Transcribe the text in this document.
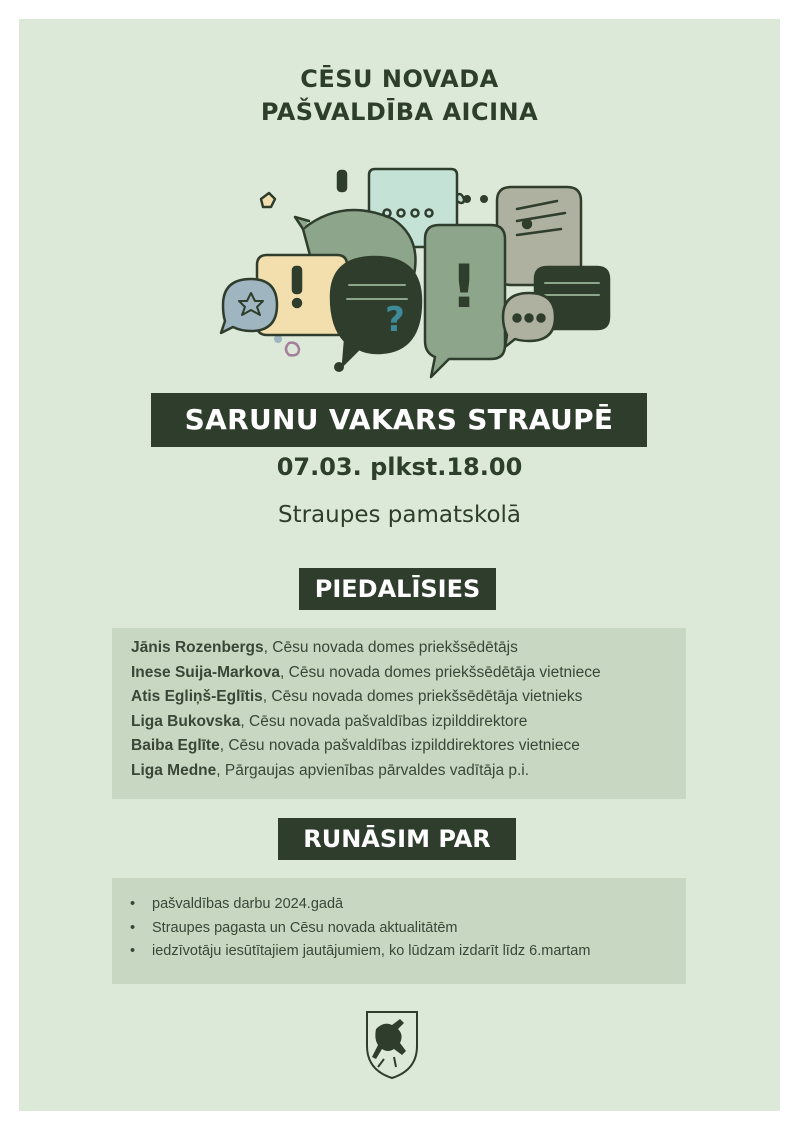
CĒSU NOVADA
PAŠVALDĪBA AICINA
? !
SARUNU VAKARS STRAUPĒ
07.03. plkst.18.00
Straupes pamatskolā
PIEDALĪSIES
Jānis Rozenbergs, Cēsu novada domes priekšsēdētājs
Inese Suija-Markova, Cēsu novada domes priekšsēdētāja vietniece
Atis Egliņš-Eglītis, Cēsu novada domes priekšsēdētāja vietnieks
Liga Bukovska, Cēsu novada pašvaldības izpilddirektore
Baiba Eglīte, Cēsu novada pašvaldības izpilddirektores vietniece
Liga Medne, Pārgaujas apvienības pārvaldes vadītāja p.i.
RUNĀSIM PAR
• pašvaldības darbu 2024.gadā
• Straupes pagasta un Cēsu novada aktualitātēm
• iedzīvotāju iesūtītajiem jautājumiem, ko lūdzam izdarīt līdz 6.martam
